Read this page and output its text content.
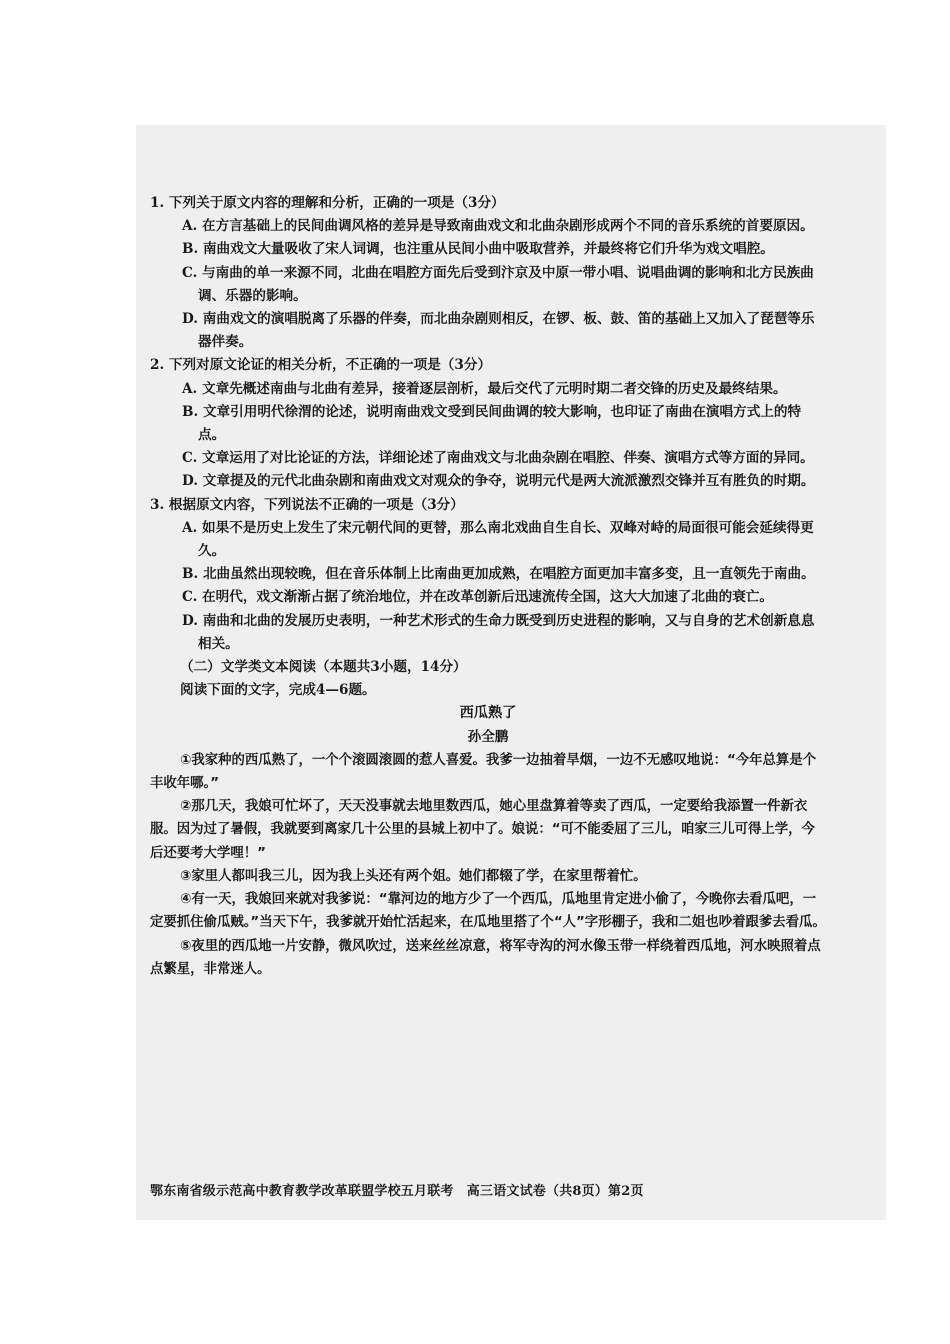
1. 下列关于原文内容的理解和分析，正确的一项是（3分）

A. 在方言基础上的民间曲调风格的差异是导致南曲戏文和北曲杂剧形成两个不同的音乐系统的首要原因。

B. 南曲戏文大量吸收了宋人词调，也注重从民间小曲中吸取营养，并最终将它们升华为戏文唱腔。

C. 与南曲的单一来源不同，北曲在唱腔方面先后受到汴京及中原一带小唱、说唱曲调的影响和北方民族曲调、乐器的影响。

D. 南曲戏文的演唱脱离了乐器的伴奏，而北曲杂剧则相反，在锣、板、鼓、笛的基础上又加入了琵琶等乐器伴奏。

2. 下列对原文论证的相关分析，不正确的一项是（3分）

A. 文章先概述南曲与北曲有差异，接着逐层剖析，最后交代了元明时期二者交锋的历史及最终结果。

B. 文章引用明代徐渭的论述，说明南曲戏文受到民间曲调的较大影响，也印证了南曲在演唱方式上的特点。

C. 文章运用了对比论证的方法，详细论述了南曲戏文与北曲杂剧在唱腔、伴奏、演唱方式等方面的异同。

D. 文章提及的元代北曲杂剧和南曲戏文对观众的争夺，说明元代是两大流派激烈交锋并互有胜负的时期。

3. 根据原文内容，下列说法不正确的一项是（3分）

A. 如果不是历史上发生了宋元朝代间的更替，那么南北戏曲自生自长、双峰对峙的局面很可能会延续得更久。

B. 北曲虽然出现较晚，但在音乐体制上比南曲更加成熟，在唱腔方面更加丰富多变，且一直领先于南曲。

C. 在明代，戏文渐渐占据了统治地位，并在改革创新后迅速流传全国，这大大加速了北曲的衰亡。

D. 南曲和北曲的发展历史表明，一种艺术形式的生命力既受到历史进程的影响，又与自身的艺术创新息息相关。

（二）文学类文本阅读（本题共3小题，14分）

阅读下面的文字，完成4—6题。

西瓜熟了

孙全鹏

①我家种的西瓜熟了，一个个滚圆滚圆的惹人喜爱。我爹一边抽着旱烟，一边不无感叹地说：“今年总算是个丰收年哪。”

②那几天，我娘可忙坏了，天天没事就去地里数西瓜，她心里盘算着等卖了西瓜，一定要给我添置一件新衣服。因为过了暑假，我就要到离家几十公里的县城上初中了。娘说：“可不能委屈了三儿，咱家三儿可得上学，今后还要考大学哩！”

③家里人都叫我三儿，因为我上头还有两个姐。她们都辍了学，在家里帮着忙。

④有一天，我娘回来就对我爹说：“靠河边的地方少了一个西瓜，瓜地里肯定进小偷了，今晚你去看瓜吧，一定要抓住偷瓜贼。”当天下午，我爹就开始忙活起来，在瓜地里搭了个“人”字形棚子，我和二姐也吵着跟爹去看瓜。

⑤夜里的西瓜地一片安静，微风吹过，送来丝丝凉意，将军寺沟的河水像玉带一样绕着西瓜地，河水映照着点点繁星，非常迷人。

鄂东南省级示范高中教育教学改革联盟学校五月联考　高三语文试卷（共8页）第2页
